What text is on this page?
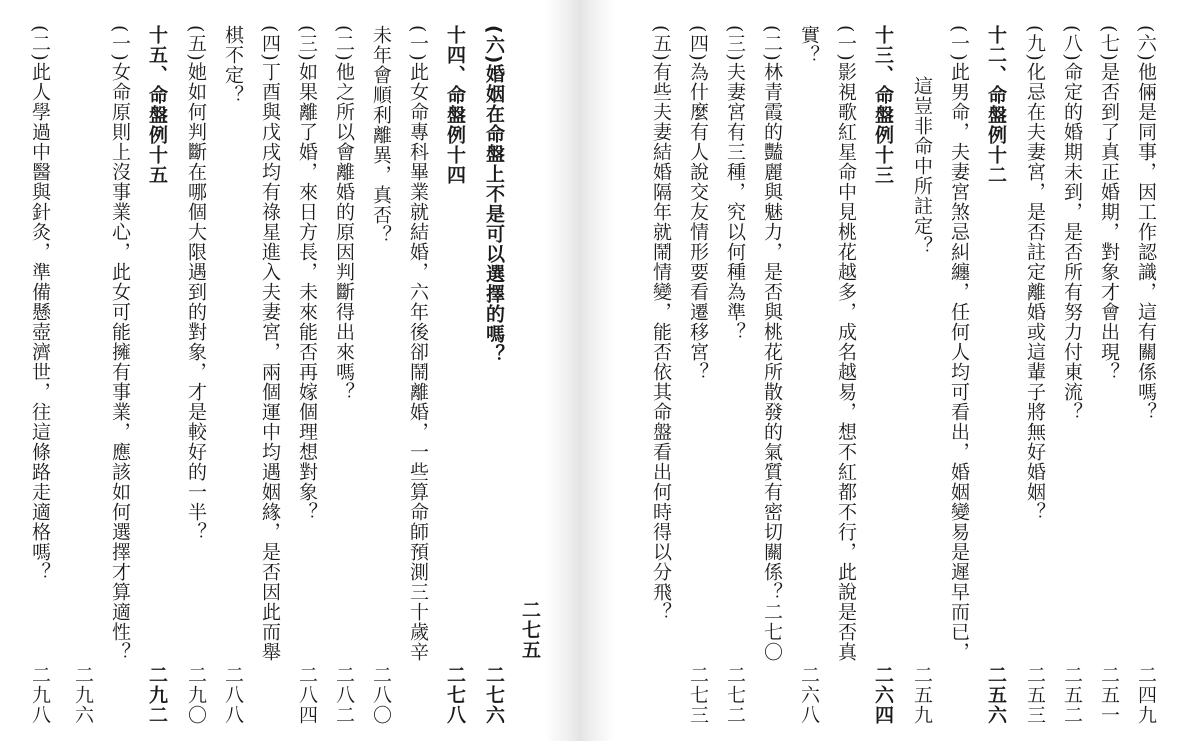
(六)
婚姻在命盤上不是可以選擇的嗎？
二七六
二七五
十四、命盤例十四
二七八
(一)
此女命專科畢業就結婚，六年後卻鬧離婚，一些算命師預測三十歲辛
未年會順利離異，真否？
二八〇
(二)
他之所以會離婚的原因判斷得出來嗎？
二八二
(三)
如果離了婚，來日方長，未來能否再嫁個理想對象？
二八四
(四)
丁酉與戊戌均有祿星進入夫妻宮，兩個運中均遇姻緣，是否因此而舉
棋不定？
二八八
(五)
她如何判斷在哪個大限遇到的對象，才是較好的一半？
二九〇
十五、命盤例十五
二九二
(一)
女命原則上沒事業心，此女可能擁有事業，應該如何選擇才算適性？
二九六
(二)
此人學過中醫與針灸，準備懸壺濟世，往這條路走適格嗎？
二九八
(六)
他倆是同事，因工作認識，這有關係嗎？
二四九
(七)
是否到了真正婚期，對象才會出現？
二五一
(八)
命定的婚期未到，是否所有努力付東流？
二五二
(九)
化忌在夫妻宮，是否註定離婚或這輩子將無好婚姻？
二五三
十二、命盤例十二
二五六
(一)
此男命，夫妻宮煞忌糾纏，任何人均可看出，婚姻變易是遲早而已，
這豈非命中所註定？
二五九
十三、命盤例十三
二六四
(一)
影視歌紅星命中見桃花越多，成名越易，想不紅都不行，此說是否真
實？
二六八
(二)
林青霞的豔麗與魅力，是否與桃花所散發的氣質有密切關係？
二七〇
(三)
夫妻宮有三種，究以何種為準？
二七二
(四)
為什麼有人說交友情形要看遷移宮？
二七三
(五)
有些夫妻結婚隔年就鬧情變，能否依其命盤看出何時得以分飛？
